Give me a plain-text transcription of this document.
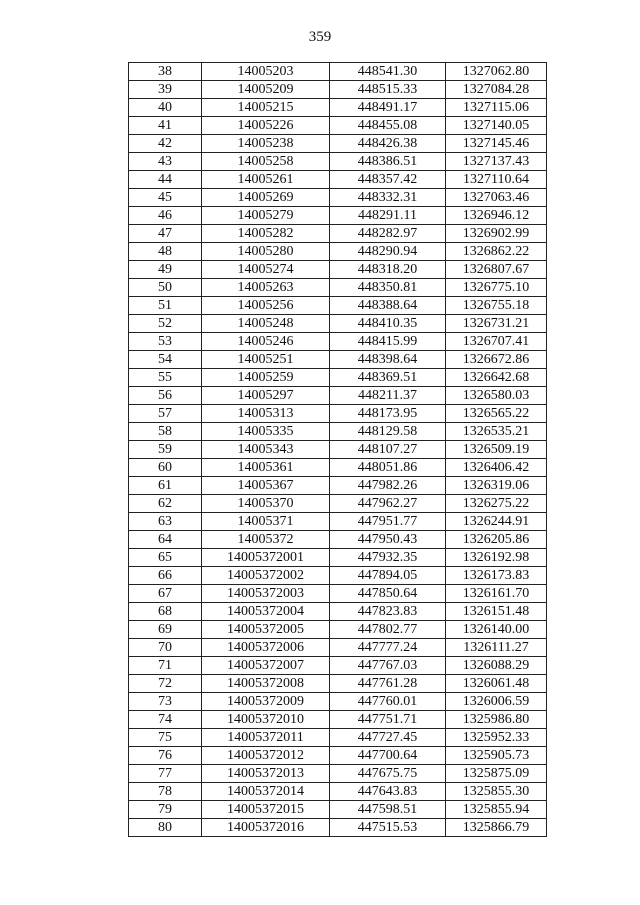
359
38	14005203	448541.30	1327062.80
39	14005209	448515.33	1327084.28
40	14005215	448491.17	1327115.06
41	14005226	448455.08	1327140.05
42	14005238	448426.38	1327145.46
43	14005258	448386.51	1327137.43
44	14005261	448357.42	1327110.64
45	14005269	448332.31	1327063.46
46	14005279	448291.11	1326946.12
47	14005282	448282.97	1326902.99
48	14005280	448290.94	1326862.22
49	14005274	448318.20	1326807.67
50	14005263	448350.81	1326775.10
51	14005256	448388.64	1326755.18
52	14005248	448410.35	1326731.21
53	14005246	448415.99	1326707.41
54	14005251	448398.64	1326672.86
55	14005259	448369.51	1326642.68
56	14005297	448211.37	1326580.03
57	14005313	448173.95	1326565.22
58	14005335	448129.58	1326535.21
59	14005343	448107.27	1326509.19
60	14005361	448051.86	1326406.42
61	14005367	447982.26	1326319.06
62	14005370	447962.27	1326275.22
63	14005371	447951.77	1326244.91
64	14005372	447950.43	1326205.86
65	14005372001	447932.35	1326192.98
66	14005372002	447894.05	1326173.83
67	14005372003	447850.64	1326161.70
68	14005372004	447823.83	1326151.48
69	14005372005	447802.77	1326140.00
70	14005372006	447777.24	1326111.27
71	14005372007	447767.03	1326088.29
72	14005372008	447761.28	1326061.48
73	14005372009	447760.01	1326006.59
74	14005372010	447751.71	1325986.80
75	14005372011	447727.45	1325952.33
76	14005372012	447700.64	1325905.73
77	14005372013	447675.75	1325875.09
78	14005372014	447643.83	1325855.30
79	14005372015	447598.51	1325855.94
80	14005372016	447515.53	1325866.79
